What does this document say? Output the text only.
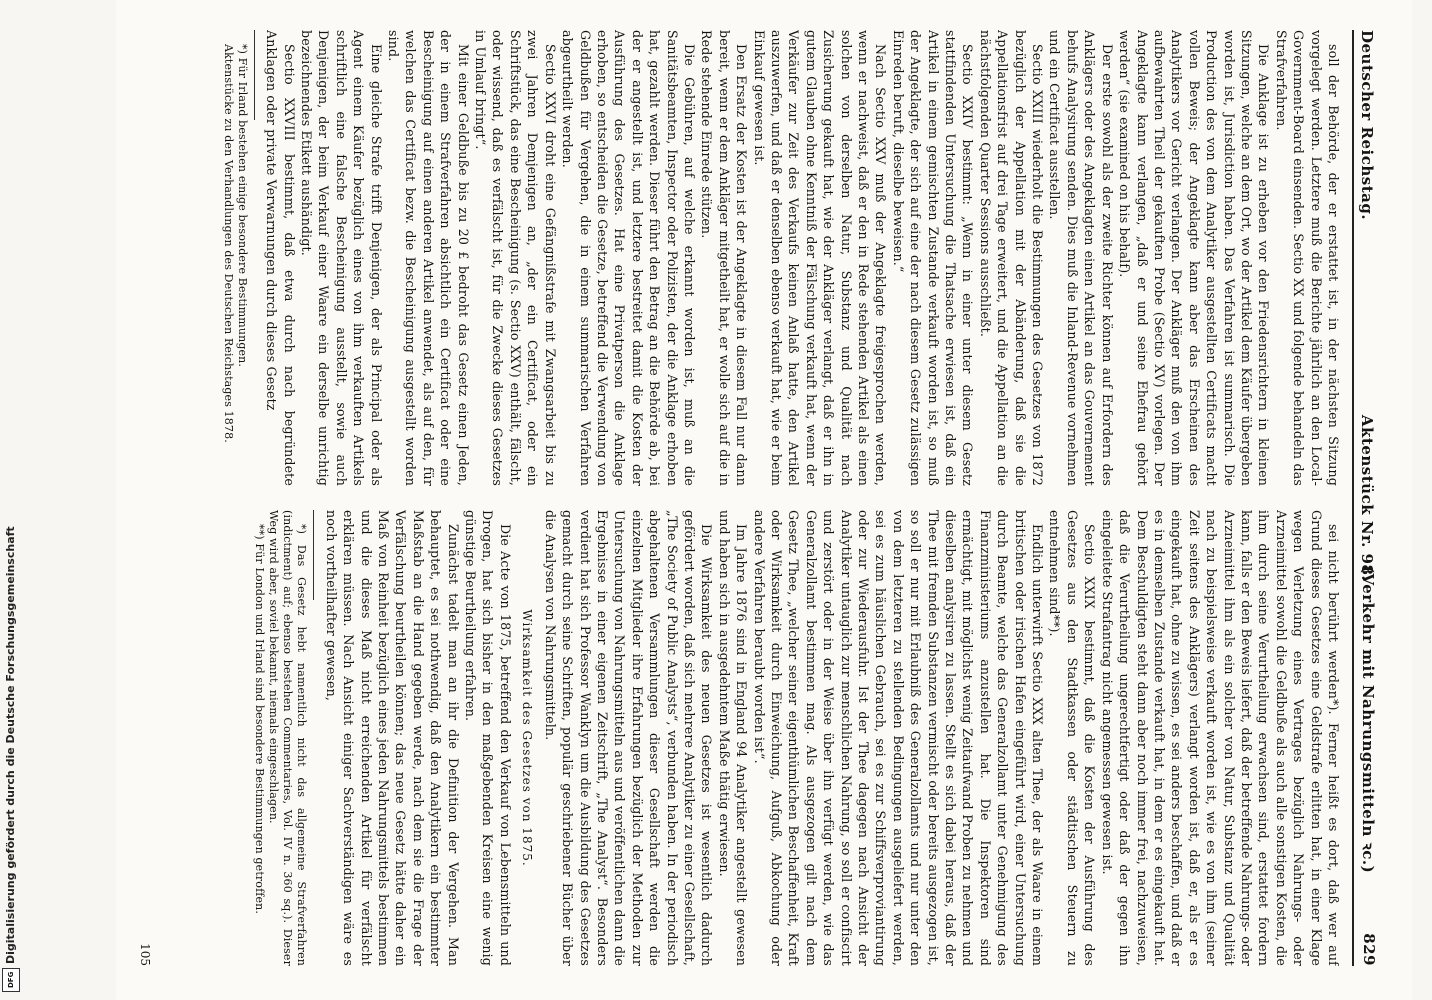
Digitalisierung gefördert durch die Deutsche Forschungsgemeinschaft
DFG
Deutscher Reichstag.
Aktenstück Nr. 98.
(Verkehr mit Nahrungsmitteln ꝛc.)
829

soll der Behörde, der er erstattet ist, in der nächsten Sitzung vorgelegt werden. Letztere muß die Berichte jährlich an den Local-Government-Board einsenden. Sectio XX und folgende behandeln das Strafverfahren.

Die Anklage ist zu erheben vor den Friedensrichtern in kleinen Sitzungen, welche an dem Ort, wo der Artikel dem Käufer übergeben worden ist, Jurisdiction haben. Das Verfahren ist summarisch. Die Production des von dem Analytiker ausgestellten Certificats macht vollen Beweis; der Angeklagte kann aber das Erscheinen des Analytikers vor Gericht verlangen. Der Ankläger muß den von ihm aufbewahrten Theil der gekauften Probe (Sectio XV) vorlegen. Der Angeklagte kann verlangen, „daß er und seine Ehefrau gehört werden“ (sie examined on his behalf).

Der erste sowohl als der zweite Richter können auf Erfordern des Anklägers oder des Angeklagten einen Artikel an das Gouvernement behufs Analysirung senden. Dies muß die Inland-Revenue vornehmen und ein Certificat ausstellen.

Sectio XXIII wiederholt die Bestimmungen des Gesetzes von 1872 bezüglich der Appellation mit der Abänderung, daß sie die Appellationsfrist auf drei Tage erweitert, und die Appellation an die nächstfolgenden Quarter Sessions ausschließt.

Sectio XXIV bestimmt: „Wenn in einer unter diesem Gesetz stattfindenden Untersuchung die Thatsache erwiesen ist, daß ein Artikel in einem gemischten Zustande verkauft worden ist, so muß der Angeklagte, der sich auf eine der nach diesem Gesetz zulässigen Einreden beruft, dieselbe beweisen.“

Nach Sectio XXV muß der Angeklagte freigesprochen werden, wenn er nachweist, daß er den in Rede stehenden Artikel als einen solchen von derselben Natur, Substanz und Qualität nach Zusicherung gekauft hat, wie der Ankläger verlangt, daß er ihn in gutem Glauben ohne Kenntniß der Fälschung verkauft hat, wenn der Verkäufer zur Zeit des Verkaufs keinen Anlaß hatte, den Artikel auszuwerfen, und daß er denselben ebenso verkauft hat, wie er beim Einkauf gewesen ist.

Den Ersatz der Kosten ist der Angeklagte in diesem Fall nur dann bereit, wenn er dem Ankläger mitgetheilt hat, er wolle sich auf die in Rede stehende Einrede stützen.

Die Gebühren, auf welche erkannt worden ist, muß an die Sanitätsbeamten, Inspector oder Polizisten, der die Anklage erhoben hat, gezahlt werden. Dieser führt den Betrag an die Behörde ab, bei der er angestellt ist, und letztere bestreitet damit die Kosten der Ausführung des Gesetzes. Hat eine Privatperson die Anklage erhoben, so entscheiden die Gesetze, betreffend die Verwendung von Geldbußen für Vergehen, die in einem summarischen Verfahren abgeurtheilt werden.

Sectio XXVI droht eine Gefängnißstrafe mit Zwangsarbeit bis zu zwei Jahren Demjenigen an, „der ein Certificat, oder ein Schriftstück, das eine Bescheinigung (s. Sectio XXV) enthält, fälscht, oder wissend, daß es verfälscht ist, für die Zwecke dieses Gesetzes in Umlauf bringt“.

Mit einer Geldbuße bis zu 20 £ bedroht das Gesetz einen Jeden, der in einem Strafverfahren absichtlich ein Certificat oder eine Bescheinigung auf einen anderen Artikel anwendet, als auf den, für welchen das Certificat bezw. die Bescheinigung ausgestellt worden sind.

Eine gleiche Strafe trifft Denjenigen, der als Principal oder als Agent einem Käufer bezüglich eines von ihm verkauften Artikels schriftlich eine falsche Bescheinigung ausstellt, sowie auch Denjenigen, der beim Verkauf einer Waare ein derselbe unrichtig bezeichnendes Etikett aushändigt.

Sectio XXVIII bestimmt, daß etwa durch nach begründete Anklagen oder private Verwarnungen durch dieses Gesetz

*) Für Irland bestehen einige besondere Bestimmungen.

Aktenstücke zu den Verhandlungen des Deutschen Reichstages 1878.

sei nicht berührt werden*). Ferner heißt es dort, daß wer auf Grund dieses Gesetzes eine Geldstrafe erlitten hat, in einer Klage wegen Verletzung eines Vertrages bezüglich Nahrungs- oder Arzneimittel sowohl die Geldbuße als auch alle sonstigen Kosten, die ihm durch seine Verurtheilung erwachsen sind, erstattet fordern kann, falls er den Beweis liefert, daß der betreffende Nahrungs- oder Arzneimittel ihm als ein solcher von Natur, Substanz und Qualität nach zu beispielsweise verkauft worden ist, wie es von ihm (seiner Zeit seitens des Anklägers) verlangt worden ist, daß er, als er es eingekauft hat, ohne zu wissen, es sei anders beschaffen, und daß er es in demselben Zustande verkauft hat, in dem er es eingekauft hat. Dem Beschuldigten steht dann aber noch immer frei, nachzuweisen, daß die Verurtheilung ungerechtfertigt oder daß der gegen ihn eingeleitete Strafantrag nicht angemessen gewesen ist.

Sectio XXIX bestimmt, daß die Kosten der Ausführung des Gesetzes aus den Stadtkassen oder städtischen Steuern zu entnehmen sind**).

Endlich unterwirft Sectio XXX alten Thee, der als Waare in einem britischen oder irischen Hafen eingeführt wird, einer Untersuchung durch Beamte, welche das Generalzollamt unter Genehmigung des Finanzministeriums anzustellen hat. Die Inspektoren sind ermächtigt, mit möglichst wenig Zeitaufwand Proben zu nehmen und dieselben analysiren zu lassen. Stellt es sich dabei heraus, daß der Thee mit fremden Substanzen vermischt oder bereits ausgezogen ist, so soll er nur mit Erlaubniß des Generalzollamts und nur unter den von dem letzteren zu stellenden Bedingungen ausgeliefert werden, sei es zum häuslichen Gebrauch, sei es zur Schiffsverproviantirung oder zur Wiederausfuhr. Ist der Thee dagegen nach Ansicht der Analytiker untauglich zur menschlichen Nahrung, so soll er confiscirt und zerstört oder in der Weise über ihn verfügt werden, wie das Generalzollamt bestimmen mag. Als ausgezogen gilt nach dem Gesetz Thee, „welcher seiner eigenthümlichen Beschaffenheit, Kraft oder Wirksamkeit durch Einweichung, Aufguß, Abkochung oder andere Verfahren beraubt worden ist“.

Im Jahre 1876 sind in England 94 Analytiker angestellt gewesen und haben sich in ausgedehntem Maße thätig erwiesen.

Die Wirksamkeit des neuen Gesetzes ist wesentlich dadurch gefördert worden, daß sich mehrere Analytiker zu einer Gesellschaft, „The Society of Public Analysts“, verbunden haben. In der periodisch abgehaltenen Versammlungen dieser Gesellschaft werden die einzelnen Mitglieder ihre Erfahrungen bezüglich der Methoden zur Untersuchung von Nahrungsmitteln aus und veröffentlichen dann die Ergebnisse in einer eigenen Zeitschrift, „The Analyst“. Besonders verdient hat sich Professor Wanklyn um die Ausbildung des Gesetzes gemacht durch seine Schriften, populär geschriebener Bücher über die Analysen von Nahrungsmitteln.

Wirksamkeit des Gesetzes von 1875.

Die Acte von 1875, betreffend den Verkauf von Lebensmitteln und Drogen, hat sich bisher in den maßgebenden Kreisen eine wenig günstige Beurtheilung erfahren.

Zunächst tadelt man an ihr die Definition der Vergehen. Man behauptet, es sei nothwendig, daß den Analytikern ein bestimmter Maßstab an die Hand gegeben werde, nach dem sie die Frage der Verfälschung beurtheilen können; das neue Gesetz hätte daher ein Maß von Reinheit bezüglich eines jeden Nahrungsmittels bestimmen und die dieses Maß nicht erreichenden Artikel für verfälscht erklären müssen. Nach Ansicht einiger Sachverständigen wäre es noch vortheilhafter gewesen,

*) Das Gesetz hebt namentlich nicht das allgemeine Strafverfahren (indictment) auf; ebenso bestehen Commentaries, Vol. IV n. 360 sq.). Dieser Weg wird aber, soviel bekannt, niemals eingeschlagen.

**) Für London und Irland sind besondere Bestimmungen getroffen.

105
